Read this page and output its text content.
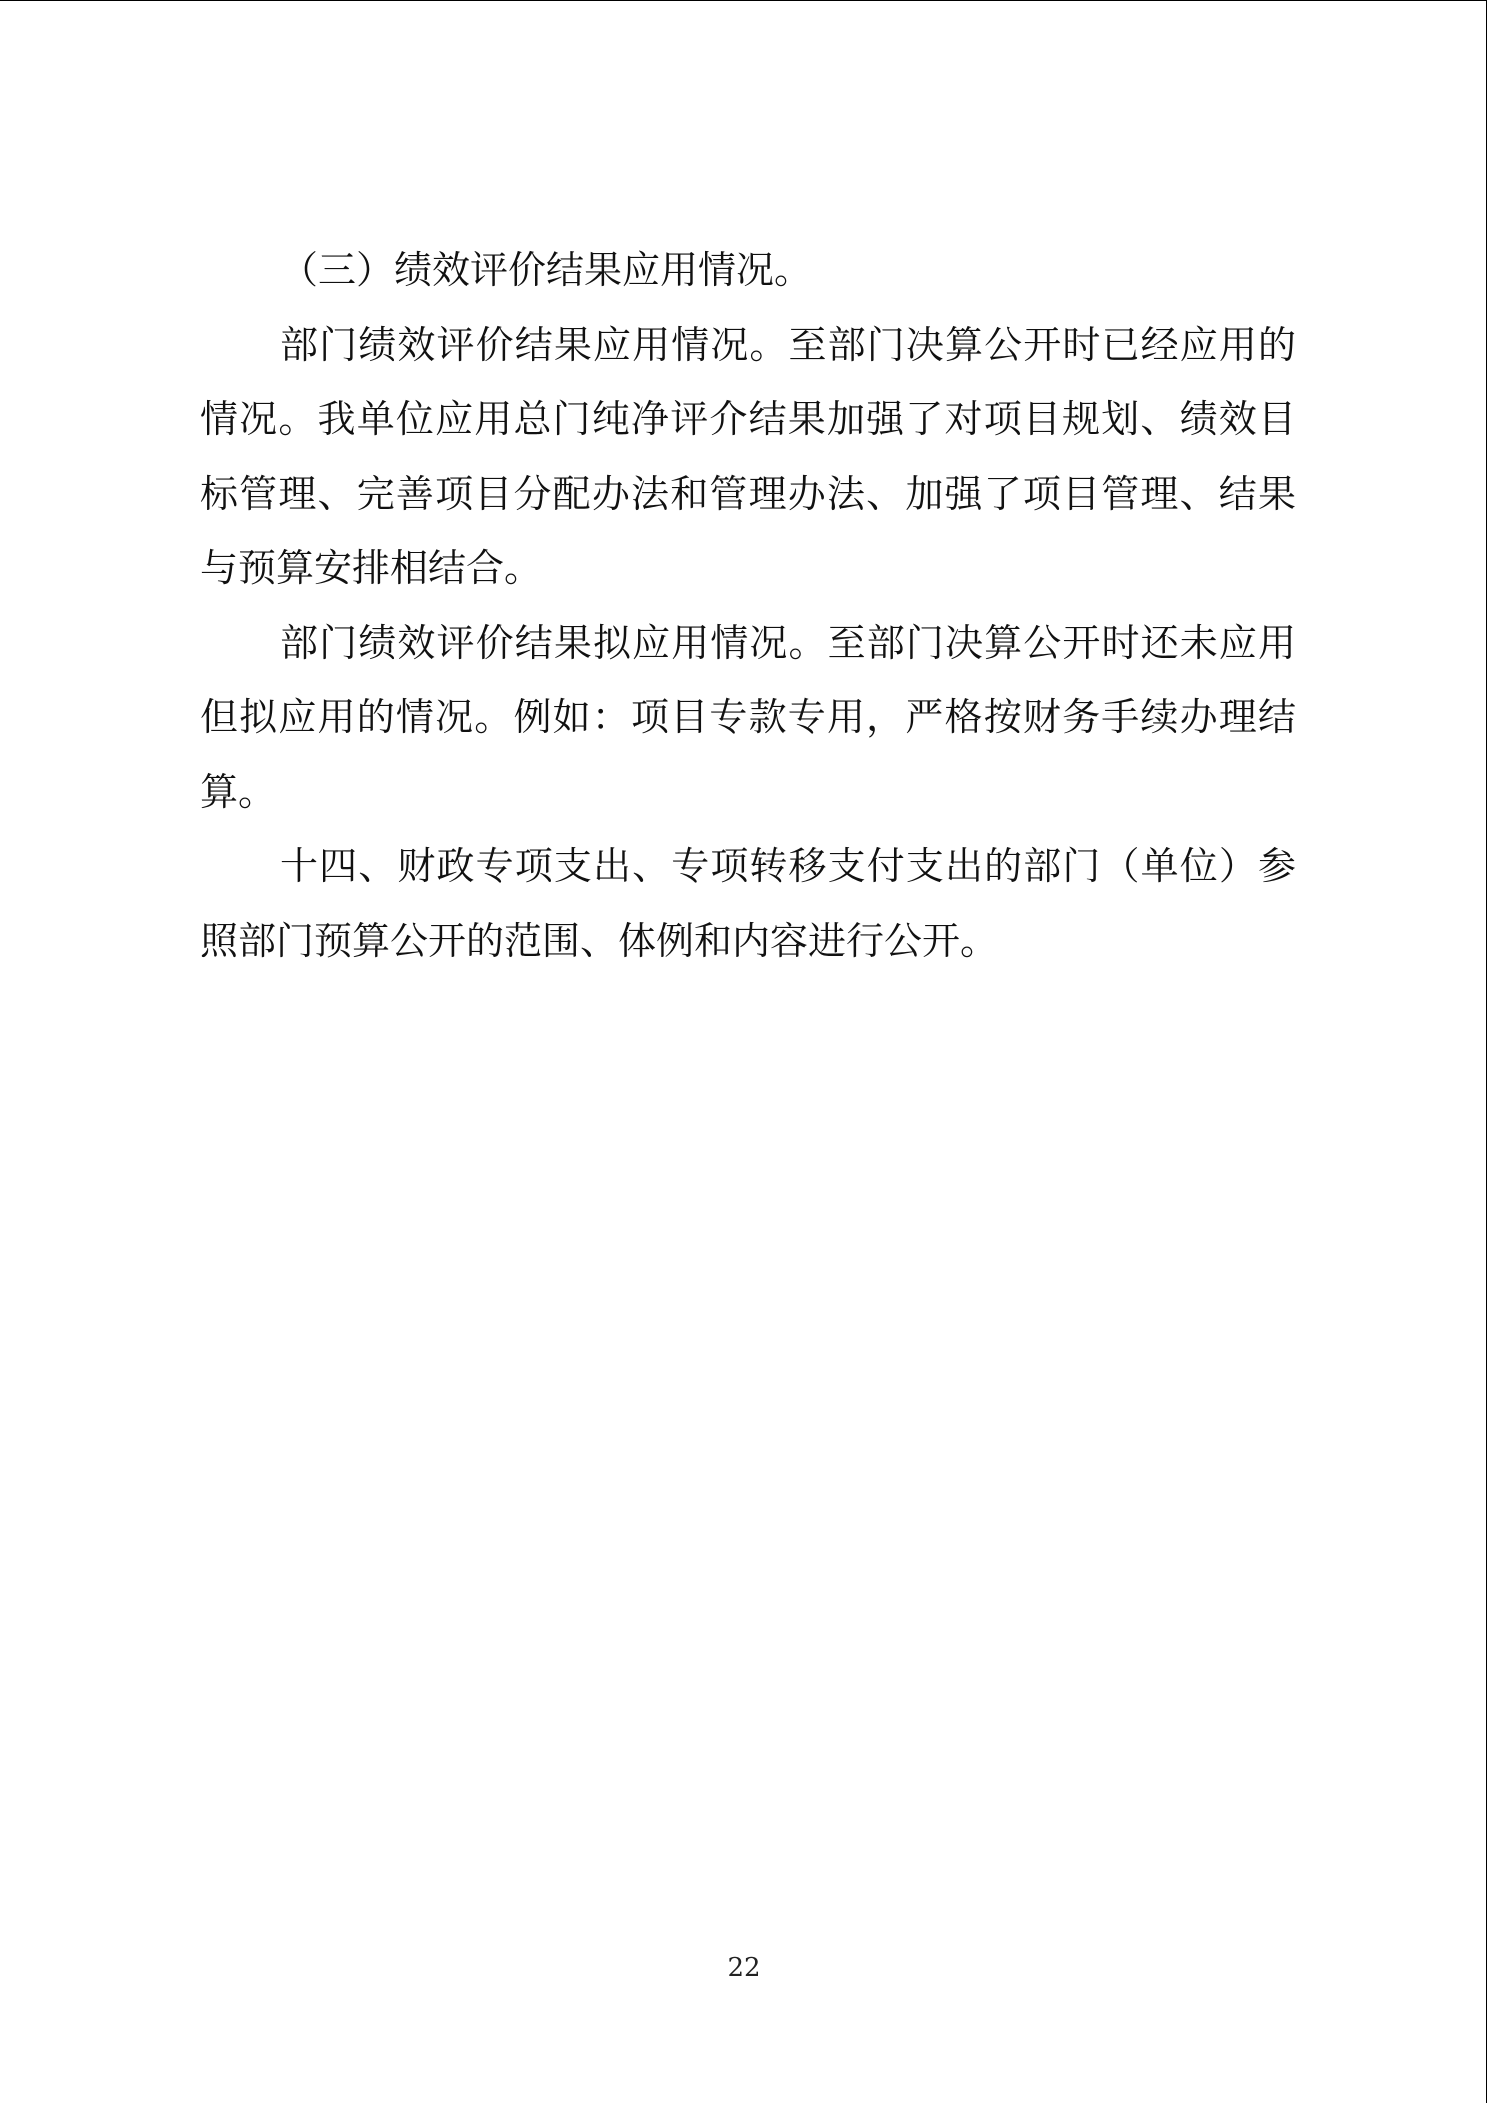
（三）绩效评价结果应用情况。

部门绩效评价结果应用情况。至部门决算公开时已经应用的情况。我单位应用总门纯净评介结果加强了对项目规划、绩效目标管理、完善项目分配办法和管理办法、加强了项目管理、结果与预算安排相结合。

部门绩效评价结果拟应用情况。至部门决算公开时还未应用但拟应用的情况。例如：项目专款专用，严格按财务手续办理结算。

十四、财政专项支出、专项转移支付支出的部门（单位）参照部门预算公开的范围、体例和内容进行公开。

22
